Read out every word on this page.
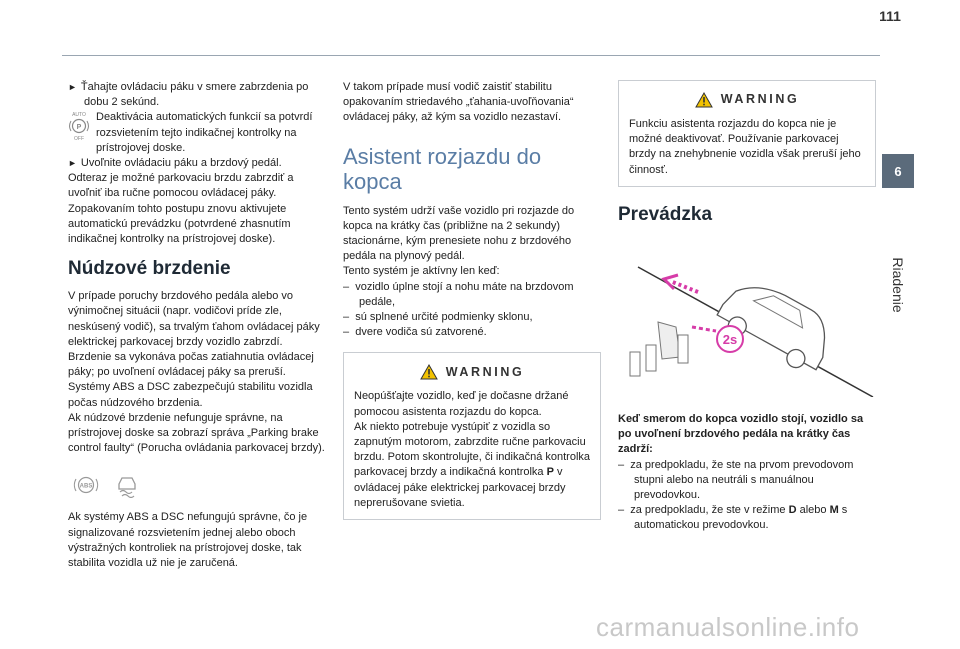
111
6
Riadenie

► Ťahajte ovládaciu páku v smere zabrzdenia po dobu 2 sekúnd.

AUTO
P
OFF

Deaktivácia automatických funkcií sa potvrdí rozsvietením tejto indikačnej kontrolky na prístrojovej doske.

► Uvoľnite ovládaciu páku a brzdový pedál.

Odteraz je možné parkovaciu brzdu zabrzdiť a uvoľniť iba ručne pomocou ovládacej páky.

Zopakovaním tohto postupu znovu aktivujete automatickú prevádzku (potvrdené zhasnutím indikačnej kontrolky na prístrojovej doske).

Núdzové brzdenie

V prípade poruchy brzdového pedála alebo vo výnimočnej situácii (napr. vodičovi príde zle, neskúsený vodič), sa trvalým ťahom ovládacej páky elektrickej parkovacej brzdy vozidlo zabrzdí. Brzdenie sa vykonáva počas zatiahnutia ovládacej páky; po uvoľnení ovládacej páky sa preruší.

Systémy ABS a DSC zabezpečujú stabilitu vozidla počas núdzového brzdenia.

Ak núdzové brzdenie nefunguje správne, na prístrojovej doske sa zobrazí správa „Parking brake control faulty“ (Porucha ovládania parkovacej brzdy).

ABS

Ak systémy ABS a DSC nefungujú správne, čo je signalizované rozsvietením jednej alebo oboch výstražných kontroliek na prístrojovej doske, tak stabilita vozidla už nie je zaručená.

V takom prípade musí vodič zaistiť stabilitu opakovaním striedavého „ťahania-uvoľňovania“ ovládacej páky, až kým sa vozidlo nezastaví.

Asistent rozjazdu do kopca

Tento systém udrží vaše vozidlo pri rozjazde do kopca na krátky čas (približne na 2 sekundy) stacionárne, kým prenesiete nohu z brzdového pedála na plynový pedál.

Tento systém je aktívny len keď:

–  vozidlo úplne stojí a nohu máte na brzdovom pedále,

–  sú splnené určité podmienky sklonu,

–  dvere vodiča sú zatvorené.

WARNING

Neopúšťajte vozidlo, keď je dočasne držané pomocou asistenta rozjazdu do kopca.

Ak niekto potrebuje vystúpiť z vozidla so zapnutým motorom, zabrzdite ručne parkovaciu brzdu. Potom skontrolujte, či indikačná kontrolka parkovacej brzdy a indikačná kontrolka P v ovládacej páke elektrickej parkovacej brzdy neprerušovane svietia.

WARNING

Funkciu asistenta rozjazdu do kopca nie je možné deaktivovať. Používanie parkovacej brzdy na znehybnenie vozidla však preruší jeho činnosť.

Prevádzka
2s

Keď smerom do kopca vozidlo stojí, vozidlo sa po uvoľnení brzdového pedála na krátky čas zadrží:

–  za predpokladu, že ste na prvom prevodovom stupni alebo na neutráli s manuálnou prevodovkou.

–  za predpokladu, že ste v režime D alebo M s automatickou prevodovkou.

carmanualsonline.info
